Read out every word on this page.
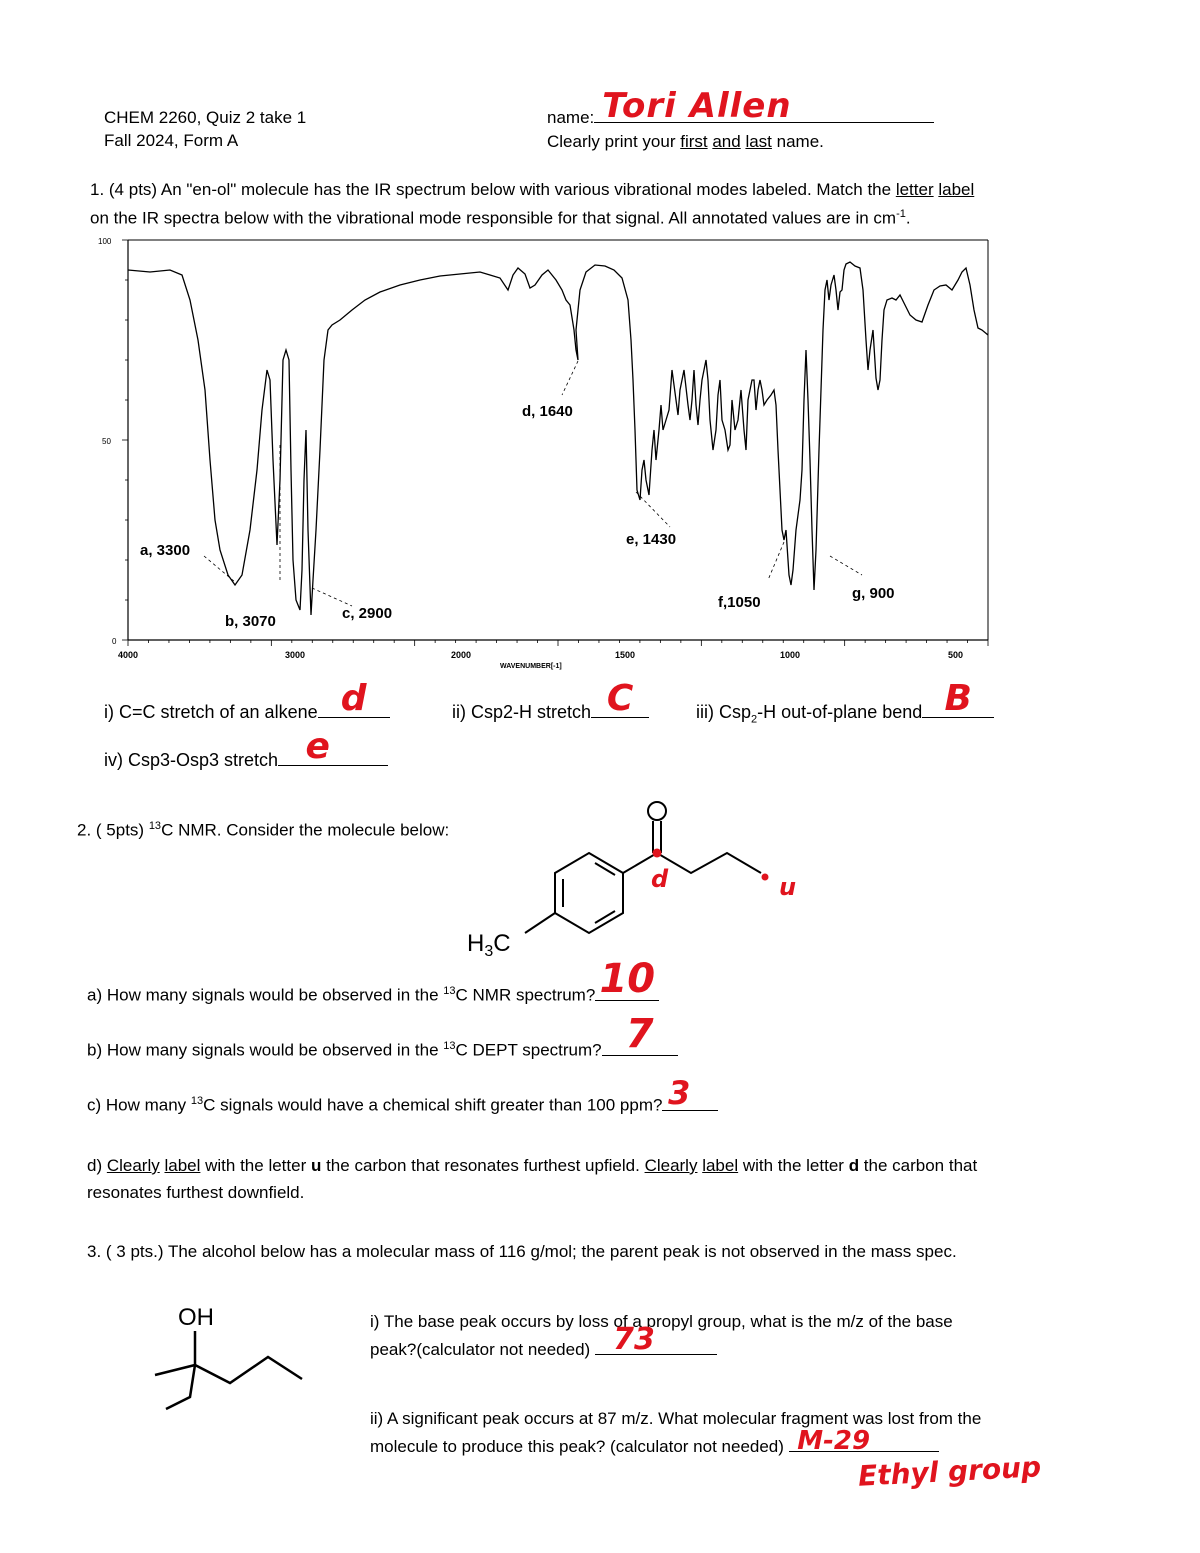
CHEM 2260, Quiz 2 take 1
Fall 2024, Form A
name: Tori Allen
Clearly print your first and last name.
1. (4 pts) An "en-ol" molecule has the IR spectrum below with various vibrational modes labeled. Match the letter label
on the IR spectra below with the vibrational mode responsible for that signal. All annotated values are in $cm^{-1}$.
100
50
0
4000	3000	2000	1500	1000	500
WAVENUMBER[-1]
a, 3300
b, 3070	c, 2900
d, 1640
e, 1430
f,1050
g, 900
i) C=C stretch of an alkene d	ii) Csp2-H stretch C	iii) Csp$_2$-H out-of-plane bend B
iv) Csp3-Osp3 stretch e
2. ( 5pts) $^{13}$C NMR. Consider the molecule below:
$H_3C$
d	u
a) How many signals would be observed in the $^{13}$C NMR spectrum? 10
b) How many signals would be observed in the $^{13}$C DEPT spectrum? 7
c) How many $^{13}$C signals would have a chemical shift greater than 100 ppm? 3
d) Clearly label with the letter u the carbon that resonates furthest upfield. Clearly label with the letter d the carbon that
resonates furthest downfield.
3. ( 3 pts.) The alcohol below has a molecular mass of 116 g/mol; the parent peak is not observed in the mass spec.
OH	i) The base peak occurs by loss of a propyl group, what is the m/z of the base
peak?(calculator not needed) 73
ii) A significant peak occurs at 87 m/z. What molecular fragment was lost from the
molecule to produce this peak? (calculator not needed) M-29
Ethyl group
